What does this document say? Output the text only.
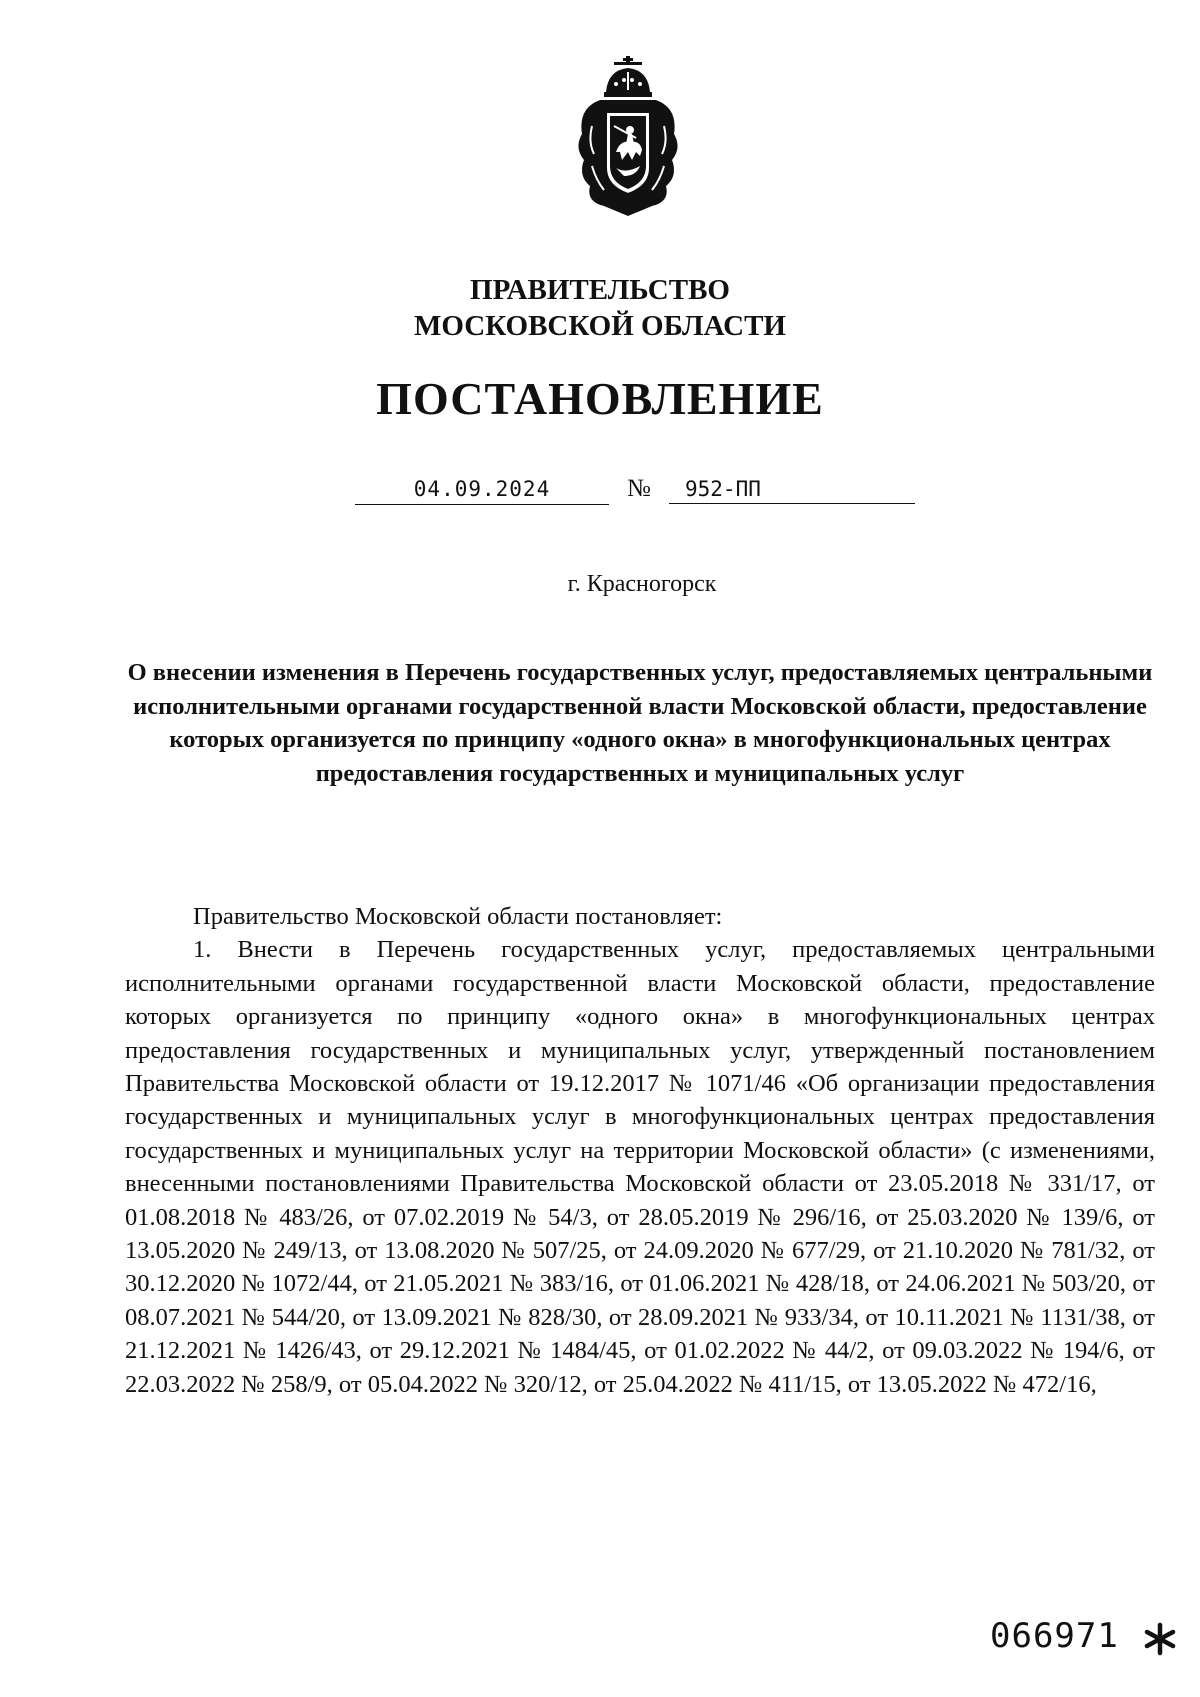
ПРАВИТЕЛЬСТВО
МОСКОВСКОЙ ОБЛАСТИ
ПОСТАНОВЛЕНИЕ
04.09.2024	№	952-ПП

г. Красногорск

О внесении изменения в Перечень государственных услуг, предоставляемых центральными исполнительными органами государственной власти Московской области, предоставление которых организуется по принципу «одного окна» в многофункциональных центрах предоставления государственных и муниципальных услуг

Правительство Московской области постановляет:

1. Внести в Перечень государственных услуг, предоставляемых центральными исполнительными органами государственной власти Московской области, предоставление которых организуется по принципу «одного окна» в многофункциональных центрах предоставления государственных и муниципальных услуг, утвержденный постановлением Правительства Московской области от 19.12.2017 № 1071/46 «Об организации предоставления государственных и муниципальных услуг в многофункциональных центрах предоставления государственных и муниципальных услуг на территории Московской области» (с изменениями, внесенными постановлениями Правительства Московской области от 23.05.2018 № 331/17, от 01.08.2018 № 483/26, от 07.02.2019 № 54/3, от 28.05.2019 № 296/16, от 25.03.2020 № 139/6, от 13.05.2020 № 249/13, от 13.08.2020 № 507/25, от 24.09.2020 № 677/29, от 21.10.2020 № 781/32, от 30.12.2020 № 1072/44, от 21.05.2021 № 383/16, от 01.06.2021 № 428/18, от 24.06.2021 № 503/20, от 08.07.2021 № 544/20, от 13.09.2021 № 828/30, от 28.09.2021 № 933/34, от 10.11.2021 № 1131/38, от 21.12.2021 № 1426/43, от 29.12.2021 № 1484/45, от 01.02.2022 № 44/2, от 09.03.2022 № 194/6, от 22.03.2022 № 258/9, от 05.04.2022 № 320/12, от 25.04.2022 № 411/15, от 13.05.2022 № 472/16,

066971
